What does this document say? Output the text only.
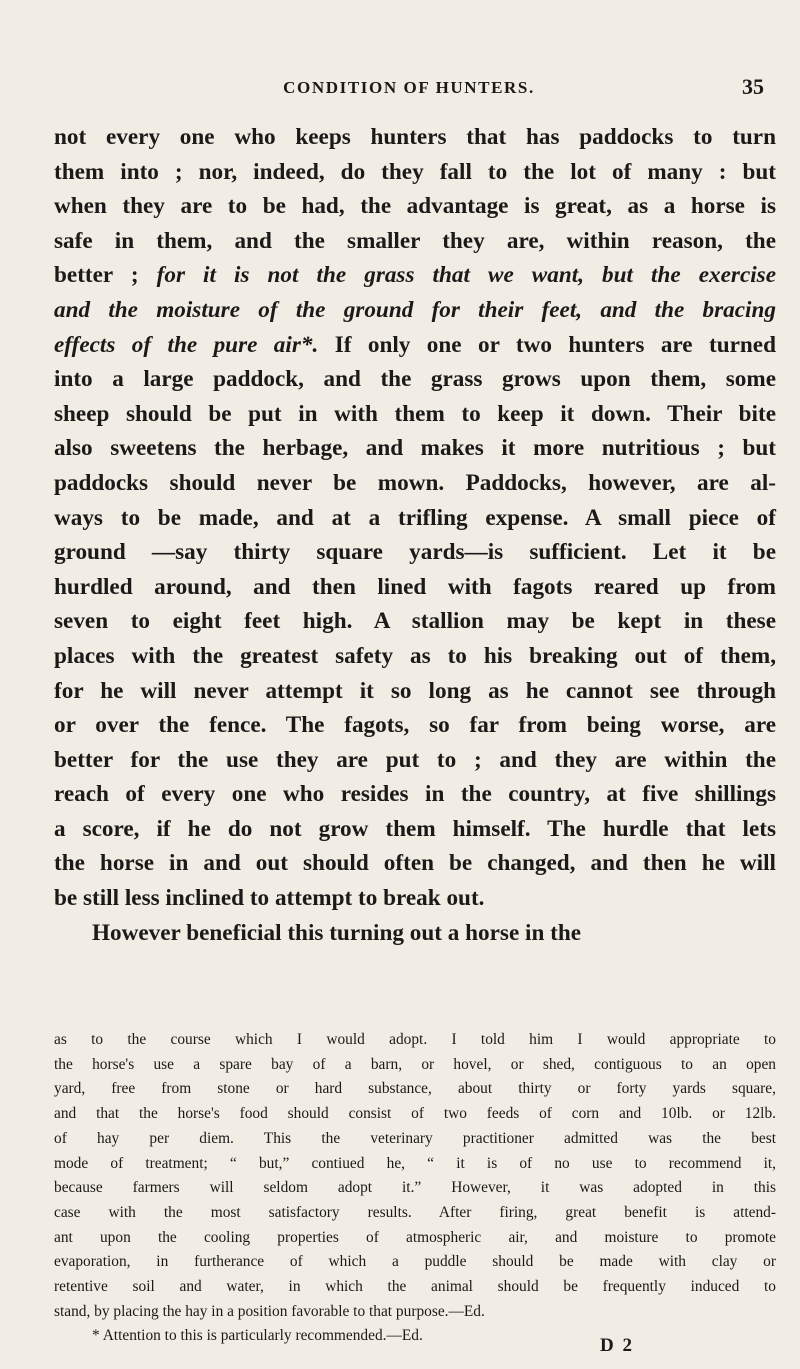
CONDITION OF HUNTERS.	35
not every one who keeps hunters that has paddocks to turn
them into ; nor, indeed, do they fall to the lot of many : but
when they are to be had, the advantage is great, as a horse is
safe in them, and the smaller they are, within reason, the
better ; for it is not the grass that we want, but the exercise
and the moisture of the ground for their feet, and the bracing
effects of the pure air*. If only one or two hunters are turned
into a large paddock, and the grass grows upon them, some
sheep should be put in with them to keep it down. Their bite
also sweetens the herbage, and makes it more nutritious ; but
paddocks should never be mown. Paddocks, however, are al-
ways to be made, and at a trifling expense. A small piece of
ground —say thirty square yards—is sufficient. Let it be
hurdled around, and then lined with fagots reared up from
seven to eight feet high. A stallion may be kept in these
places with the greatest safety as to his breaking out of them,
for he will never attempt it so long as he cannot see through
or over the fence. The fagots, so far from being worse, are
better for the use they are put to ; and they are within the
reach of every one who resides in the country, at five shillings
a score, if he do not grow them himself. The hurdle that lets
the horse in and out should often be changed, and then he will
be still less inclined to attempt to break out.
However beneficial this turning out a horse in the
as to the course which I would adopt. I told him I would appropriate to
the horse's use a spare bay of a barn, or hovel, or shed, contiguous to an open
yard, free from stone or hard substance, about thirty or forty yards square,
and that the horse's food should consist of two feeds of corn and 10lb. or 12lb.
of hay per diem. This the veterinary practitioner admitted was the best
mode of treatment; “ but,” contiued he, “ it is of no use to recommend it,
because farmers will seldom adopt it.” However, it was adopted in this
case with the most satisfactory results. After firing, great benefit is attend-
ant upon the cooling properties of atmospheric air, and moisture to promote
evaporation, in furtherance of which a puddle should be made with clay or
retentive soil and water, in which the animal should be frequently induced to
stand, by placing the hay in a position favorable to that purpose.—Ed.
* Attention to this is particularly recommended.—Ed.	D 2
